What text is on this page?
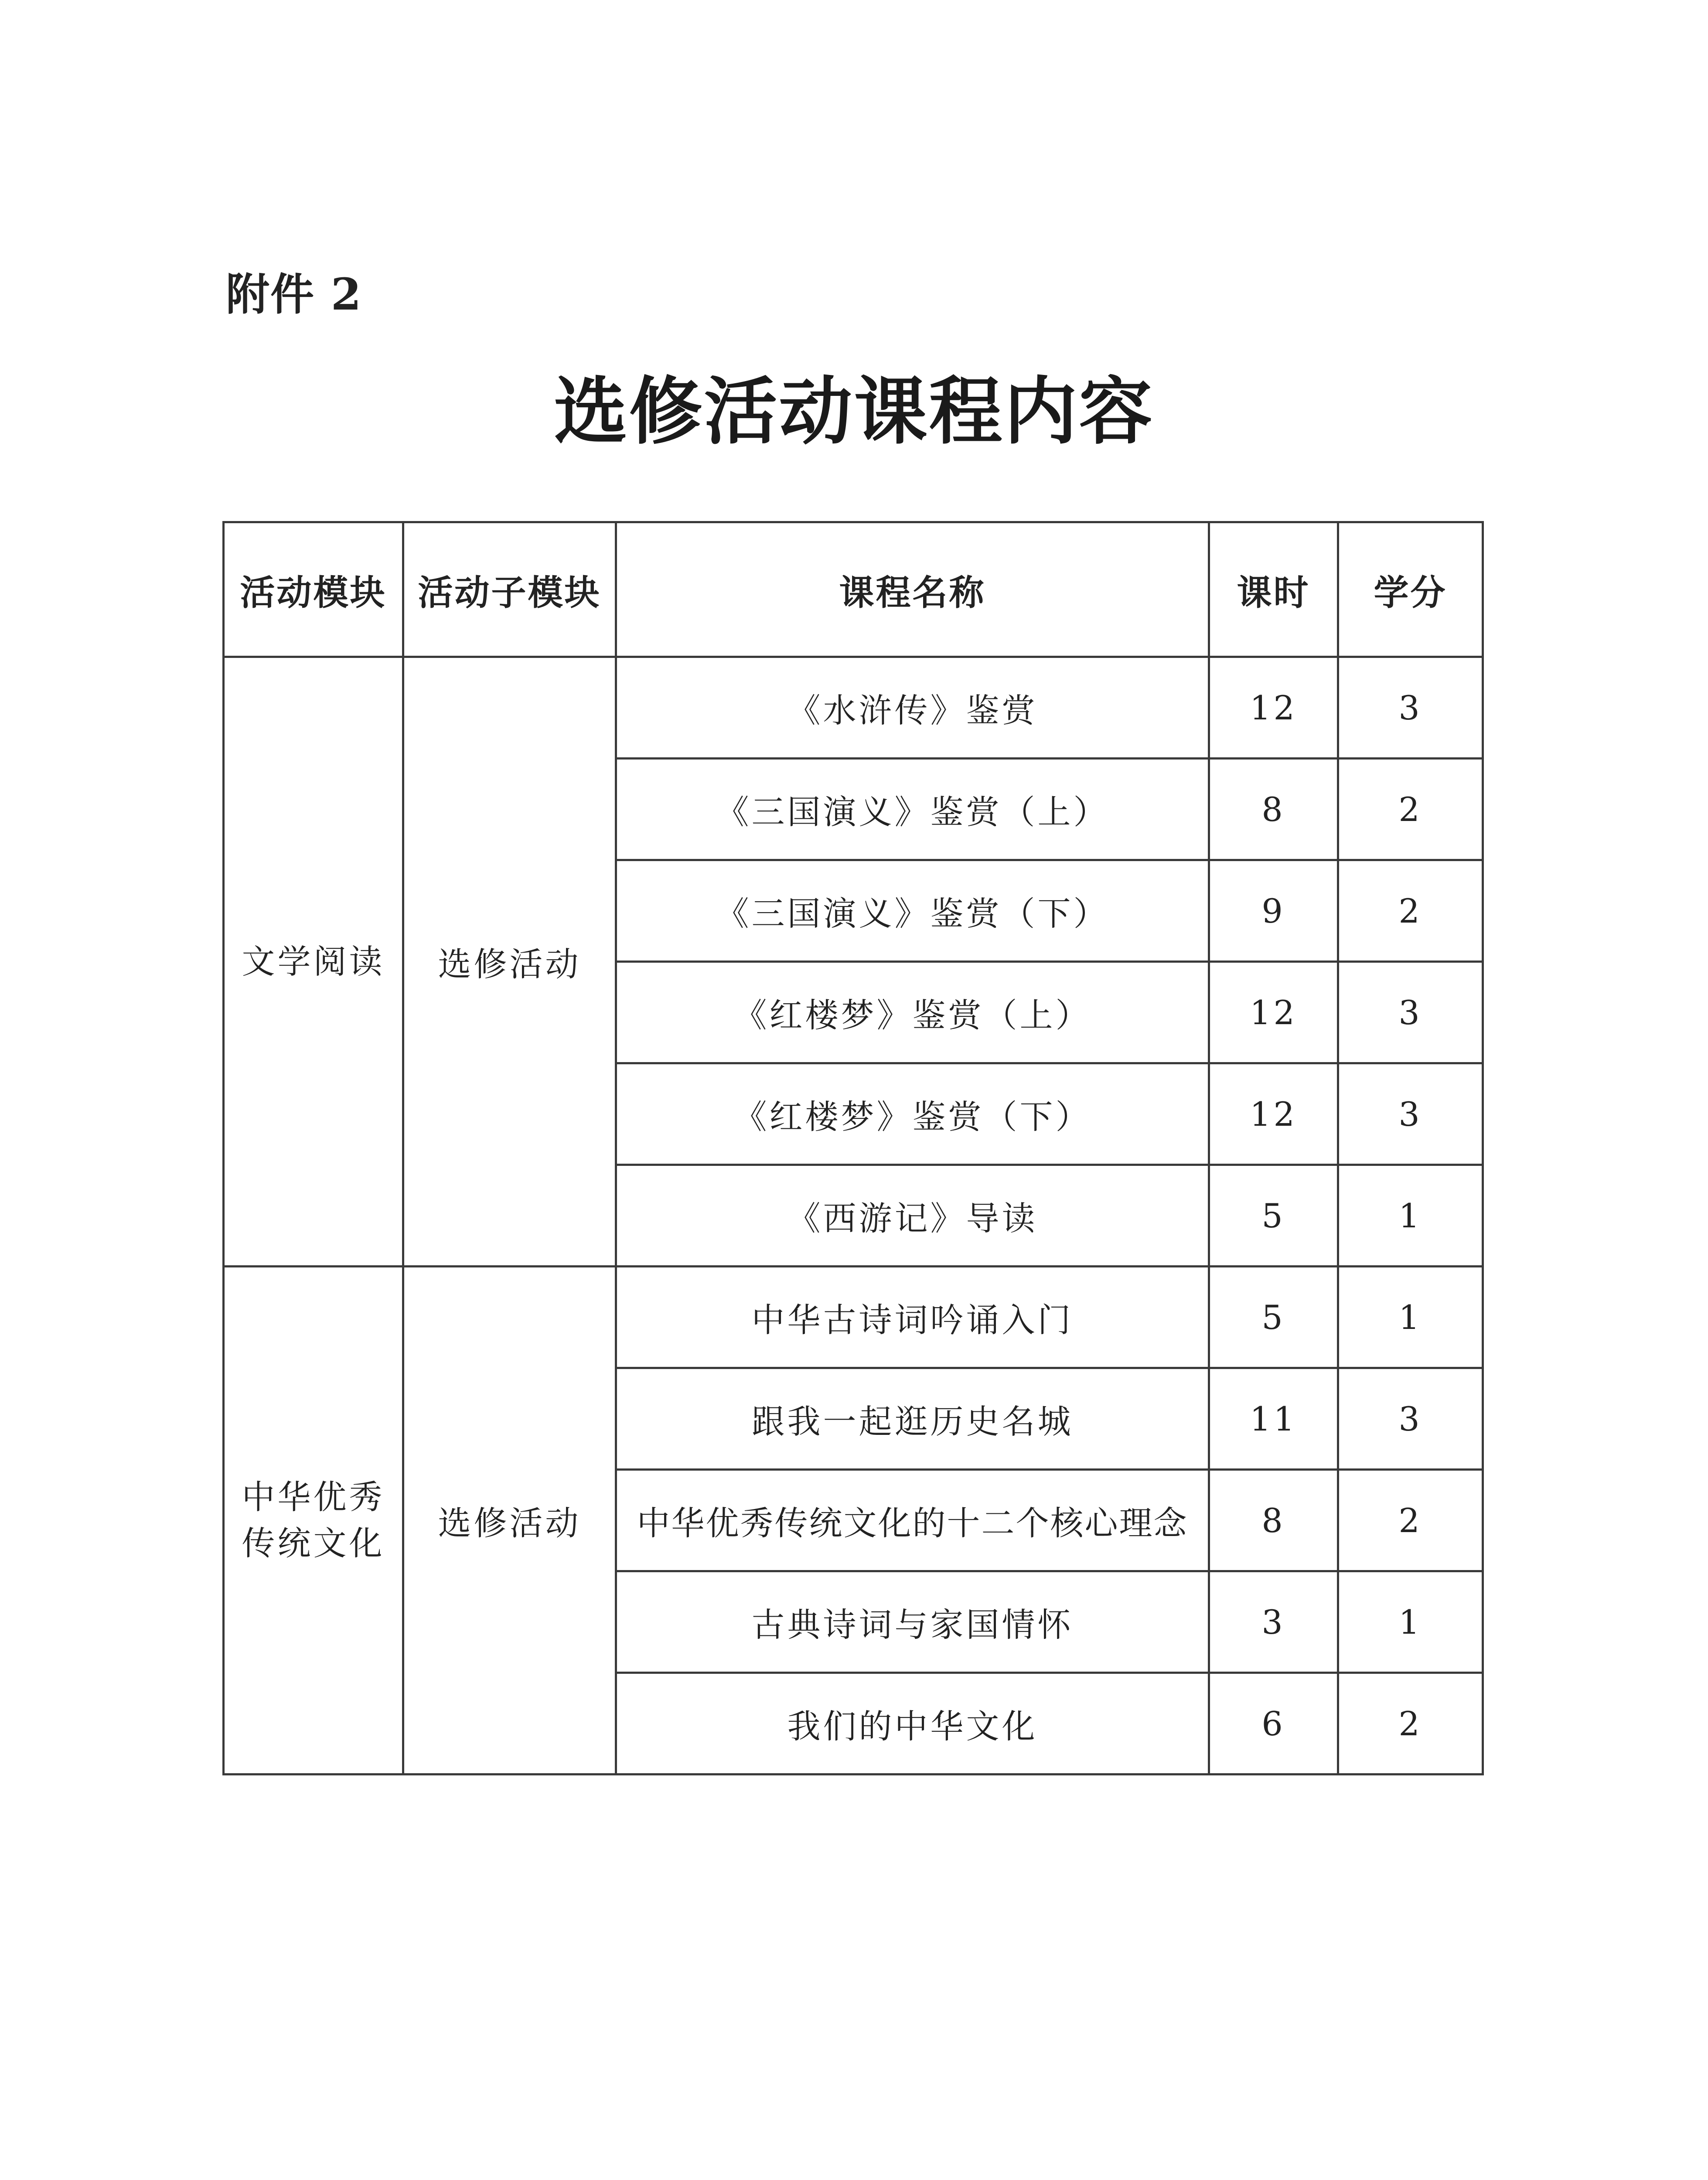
附件 2
选修活动课程内容
活动模块	活动子模块	课程名称	课时	学分
文学阅读	选修活动	《水浒传》鉴赏	12	3
		《三国演义》鉴赏（上）	8	2
		《三国演义》鉴赏（下）	9	2
		《红楼梦》鉴赏（上）	12	3
		《红楼梦》鉴赏（下）	12	3
		《西游记》导读	5	1

中华优秀
传统文化	选修活动	中华古诗词吟诵入门	5	1
		跟我一起逛历史名城	11	3
		中华优秀传统文化的十二个核心理念	8	2
		古典诗词与家国情怀	3	1
		我们的中华文化	6	2
